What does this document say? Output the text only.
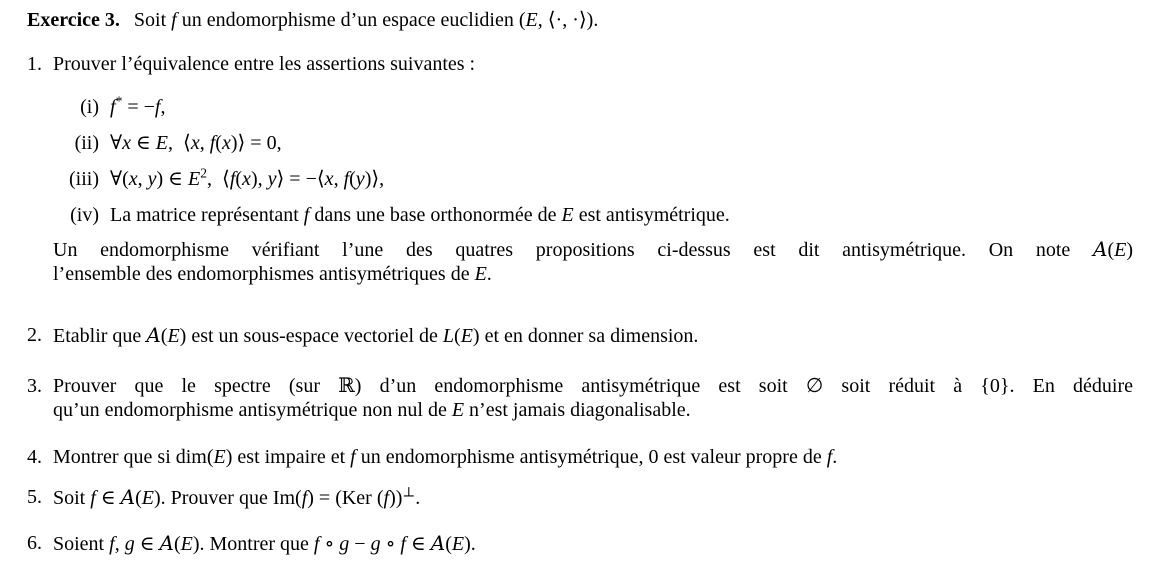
Exercice 3. Soit f un endomorphisme d’un espace euclidien (E, ⟨·, ·⟩).

1. Prouver l’équivalence entre les assertions suivantes :
(i) f* = −f,
(ii) ∀x ∈ E, ⟨x, f(x)⟩ = 0,
(iii) ∀(x, y) ∈ $E^2$, ⟨f(x), y⟩ = −⟨x, f(y)⟩,
(iv) La matrice représentant f dans une base orthonormée de E est antisymétrique.
Un endomorphisme vérifiant l’une des quatres propositions ci-dessus est dit antisymétrique. On note A(E)
l’ensemble des endomorphismes antisymétriques de E.
2. Etablir que A(E) est un sous-espace vectoriel de L(E) et en donner sa dimension.
3. Prouver que le spectre (sur ℝ) d’un endomorphisme antisymétrique est soit ∅ soit réduit à {0}. En déduire
qu’un endomorphisme antisymétrique non nul de E n’est jamais diagonalisable.
4. Montrer que si dim(E) est impaire et f un endomorphisme antisymétrique, 0 est valeur propre de f.
5. Soit f ∈ A(E). Prouver que Im(f) = (Ker (f))⊥.
6. Soient f, g ∈ A(E). Montrer que f ∘ g − g ∘ f ∈ A(E).
